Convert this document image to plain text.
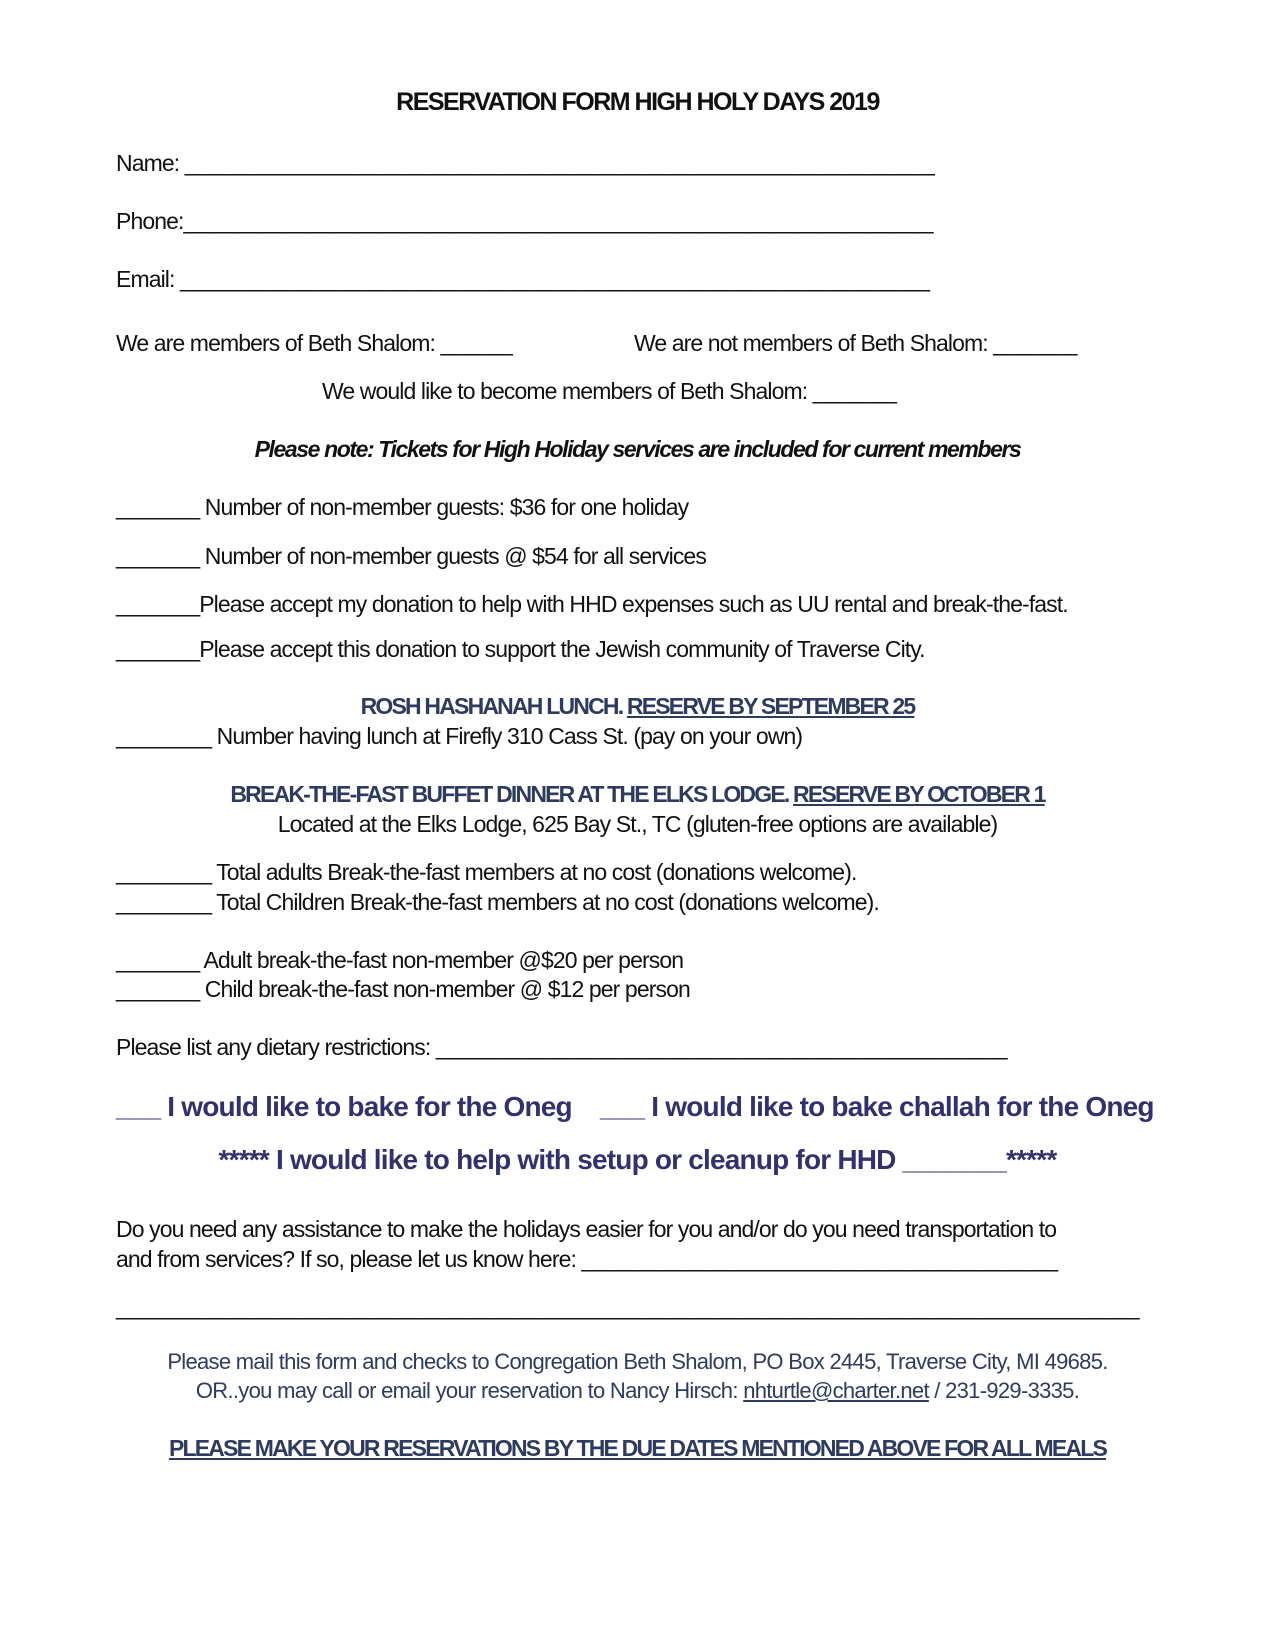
RESERVATION FORM HIGH HOLY DAYS 2019
Name: _______________________________________________________________
Phone:_______________________________________________________________
Email: _______________________________________________________________
We are members of Beth Shalom: ______	We are not members of Beth Shalom: _______
We would like to become members of Beth Shalom: _______
Please note: Tickets for High Holiday services are included for current members
_______ Number of non-member guests: $36 for one holiday
_______ Number of non-member guests @ $54 for all services
_______Please accept my donation to help with HHD expenses such as UU rental and break-the-fast.
_______Please accept this donation to support the Jewish community of Traverse City.
ROSH HASHANAH LUNCH. RESERVE BY SEPTEMBER 25
________ Number having lunch at Firefly 310 Cass St. (pay on your own)
BREAK-THE-FAST BUFFET DINNER AT THE ELKS LODGE. RESERVE BY OCTOBER 1
Located at the Elks Lodge, 625 Bay St., TC (gluten-free options are available)
________ Total adults Break-the-fast members at no cost (donations welcome).
________ Total Children Break-the-fast members at no cost (donations welcome).
_______ Adult break-the-fast non-member @$20 per person
_______ Child break-the-fast non-member @ $12 per person
Please list any dietary restrictions: ________________________________________________
___ I would like to bake for the Oneg ___ I would like to bake challah for the Oneg
***** I would like to help with setup or cleanup for HHD _______*****
Do you need any assistance to make the holidays easier for you and/or do you need transportation to
and from services? If so, please let us know here: ________________________________________
______________________________________________________________________________________
Please mail this form and checks to Congregation Beth Shalom, PO Box 2445, Traverse City, MI 49685.
OR..you may call or email your reservation to Nancy Hirsch: nhturtle@charter.net / 231-929-3335.
PLEASE MAKE YOUR RESERVATIONS BY THE DUE DATES MENTIONED ABOVE FOR ALL MEALS
